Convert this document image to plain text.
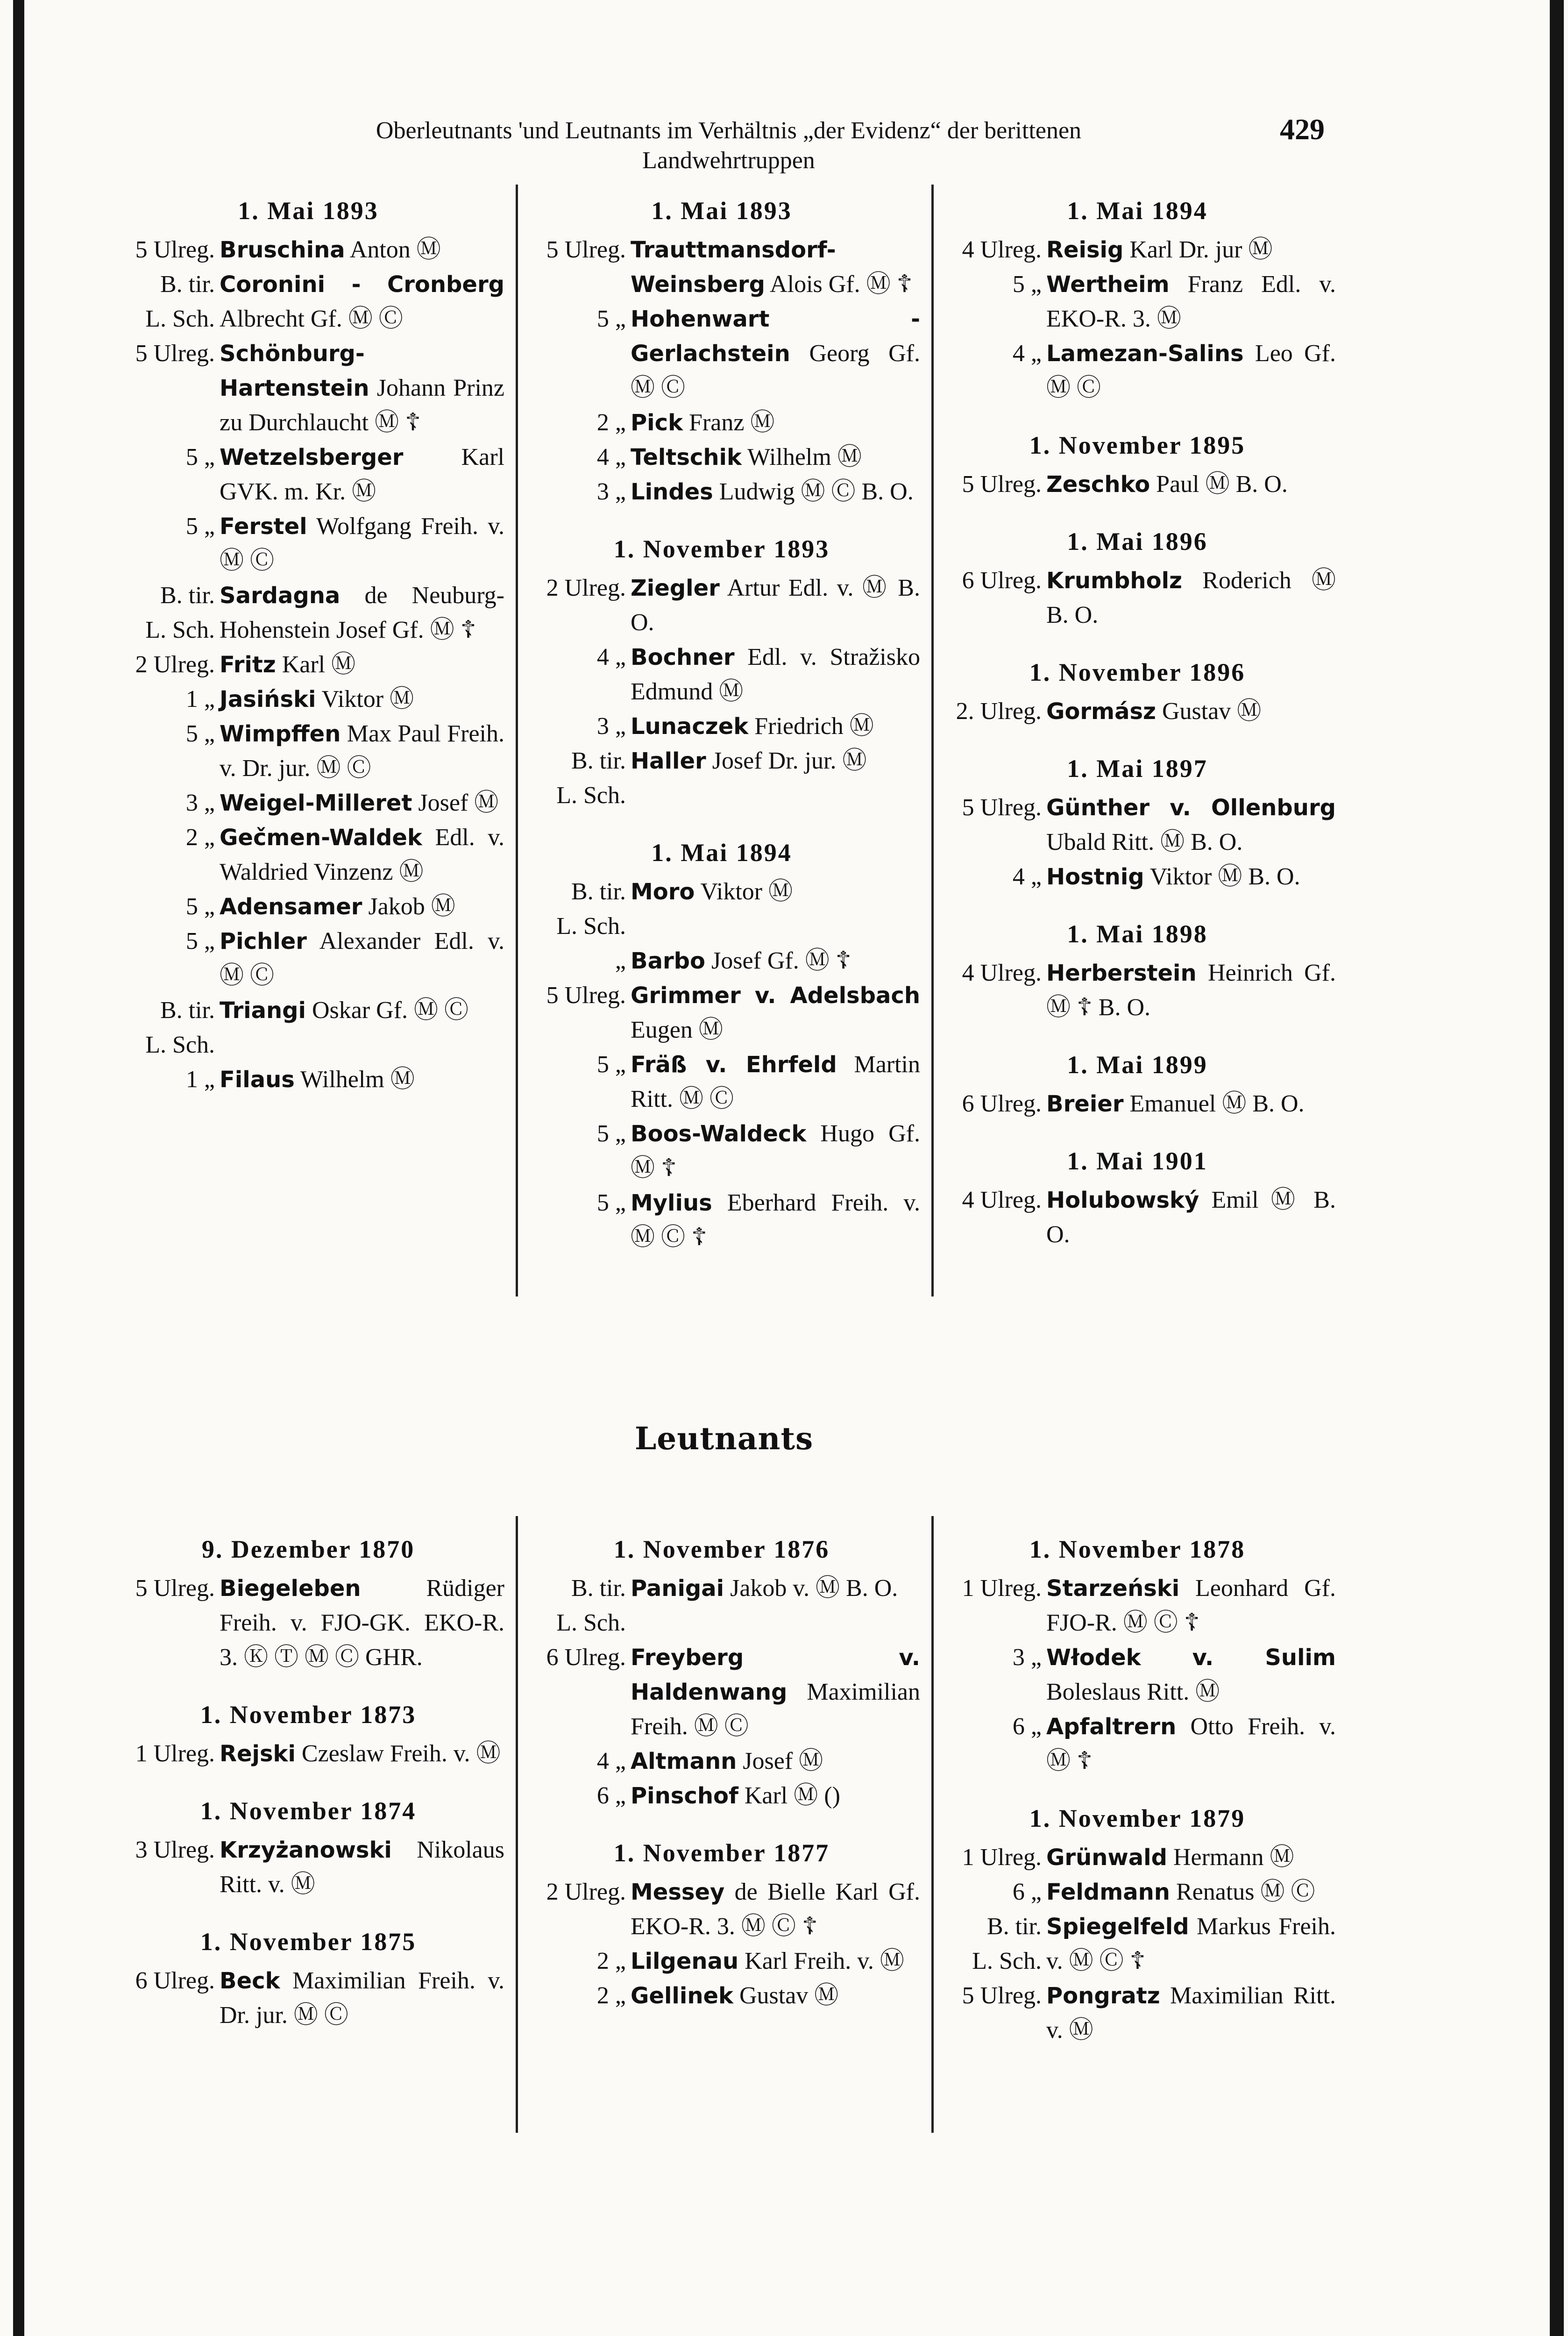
429
Oberleutnants 'und Leutnants im Verhältnis „der Evidenz“ der berittenen
Landwehrtruppen
1. Mai 1893
5 Ulreg. Bruschina Anton Ⓜ
B. tir.
L. Sch.
Coronini - Cronberg Albrecht Gf. Ⓜ Ⓒ
5 Ulreg. Schönburg-Hartenstein Johann Prinz zu Durchlaucht Ⓜ ☦
5 „ Wetzelsberger Karl GVK. m. Kr. Ⓜ
5 „ Ferstel Wolfgang Freih. v. Ⓜ Ⓒ
B. tir.
L. Sch.
Sardagna de Neuburg-Hohenstein Josef Gf. Ⓜ ☦
2 Ulreg. Fritz Karl Ⓜ
1 „ Jasiński Viktor Ⓜ
5 „ Wimpffen Max Paul Freih. v. Dr. jur. Ⓜ Ⓒ
3 „ Weigel-Milleret Josef Ⓜ
2 „ Gečmen-Waldek Edl. v. Waldried Vinzenz Ⓜ
5 „ Adensamer Jakob Ⓜ
5 „ Pichler Alexander Edl. v. Ⓜ Ⓒ
B. tir.
L. Sch.
Triangi Oskar Gf. Ⓜ Ⓒ
1 „ Filaus Wilhelm Ⓜ
1. Mai 1893
5 Ulreg. Trauttmansdorf-Weinsberg Alois Gf. Ⓜ ☦
5 „ Hohenwart - Gerlachstein Georg Gf. Ⓜ Ⓒ
2 „ Pick Franz Ⓜ
4 „ Teltschik Wilhelm Ⓜ
3 „ Lindes Ludwig Ⓜ Ⓒ B. O.
1. November 1893
2 Ulreg. Ziegler Artur Edl. v. Ⓜ B. O.
4 „ Bochner Edl. v. Stražisko Edmund Ⓜ
3 „ Lunaczek Friedrich Ⓜ
B. tir.
L. Sch.
Haller Josef Dr. jur. Ⓜ
1. Mai 1894
B. tir.
L. Sch.
Moro Viktor Ⓜ
„ Barbo Josef Gf. Ⓜ ☦
5 Ulreg. Grimmer v. Adelsbach Eugen Ⓜ
5 „ Fräß v. Ehrfeld Martin Ritt. Ⓜ Ⓒ
5 „ Boos-Waldeck Hugo Gf. Ⓜ ☦
5 „ Mylius Eberhard Freih. v. Ⓜ Ⓒ ☦
1. Mai 1894
4 Ulreg. Reisig Karl Dr. jur Ⓜ
5 „ Wertheim Franz Edl. v. EKO-R. 3. Ⓜ
4 „ Lamezan-Salins Leo Gf. Ⓜ Ⓒ
1. November 1895
5 Ulreg. Zeschko Paul Ⓜ B. O.
1. Mai 1896
6 Ulreg. Krumbholz Roderich Ⓜ B. O.
1. November 1896
2. Ulreg. Gormász Gustav Ⓜ
1. Mai 1897
5 Ulreg. Günther v. Ollenburg Ubald Ritt. Ⓜ B. O.
4 „ Hostnig Viktor Ⓜ B. O.
1. Mai 1898
4 Ulreg. Herberstein Heinrich Gf. Ⓜ ☦ B. O.
1. Mai 1899
6 Ulreg. Breier Emanuel Ⓜ B. O.
1. Mai 1901
4 Ulreg. Holubowský Emil Ⓜ B. O.
Leutnants
9. Dezember 1870
5 Ulreg. Biegeleben Rüdiger Freih. v. FJO-GK. EKO-R. 3. Ⓚ Ⓣ Ⓜ Ⓒ GHR.
1. November 1873
1 Ulreg. Rejski Czeslaw Freih. v. Ⓜ
1. November 1874
3 Ulreg. Krzyżanowski Nikolaus Ritt. v. Ⓜ
1. November 1875
6 Ulreg. Beck Maximilian Freih. v. Dr. jur. Ⓜ Ⓒ
1. November 1876
B. tir.
L. Sch.
Panigai Jakob v. Ⓜ B. O.
6 Ulreg. Freyberg v. Haldenwang Maximilian Freih. Ⓜ Ⓒ
4 „ Altmann Josef Ⓜ
6 „ Pinschof Karl Ⓜ ()
1. November 1877
2 Ulreg. Messey de Bielle Karl Gf. EKO-R. 3. Ⓜ Ⓒ ☦
2 „ Lilgenau Karl Freih. v. Ⓜ
2 „ Gellinek Gustav Ⓜ
1. November 1878
1 Ulreg. Starzeński Leonhard Gf. FJO-R. Ⓜ Ⓒ ☦
3 „ Włodek v. Sulim Boleslaus Ritt. Ⓜ
6 „ Apfaltrern Otto Freih. v. Ⓜ ☦
1. November 1879
1 Ulreg. Grünwald Hermann Ⓜ
6 „ Feldmann Renatus Ⓜ Ⓒ
B. tir.
L. Sch.
Spiegelfeld Markus Freih. v. Ⓜ Ⓒ ☦
5 Ulreg. Pongratz Maximilian Ritt. v. Ⓜ
